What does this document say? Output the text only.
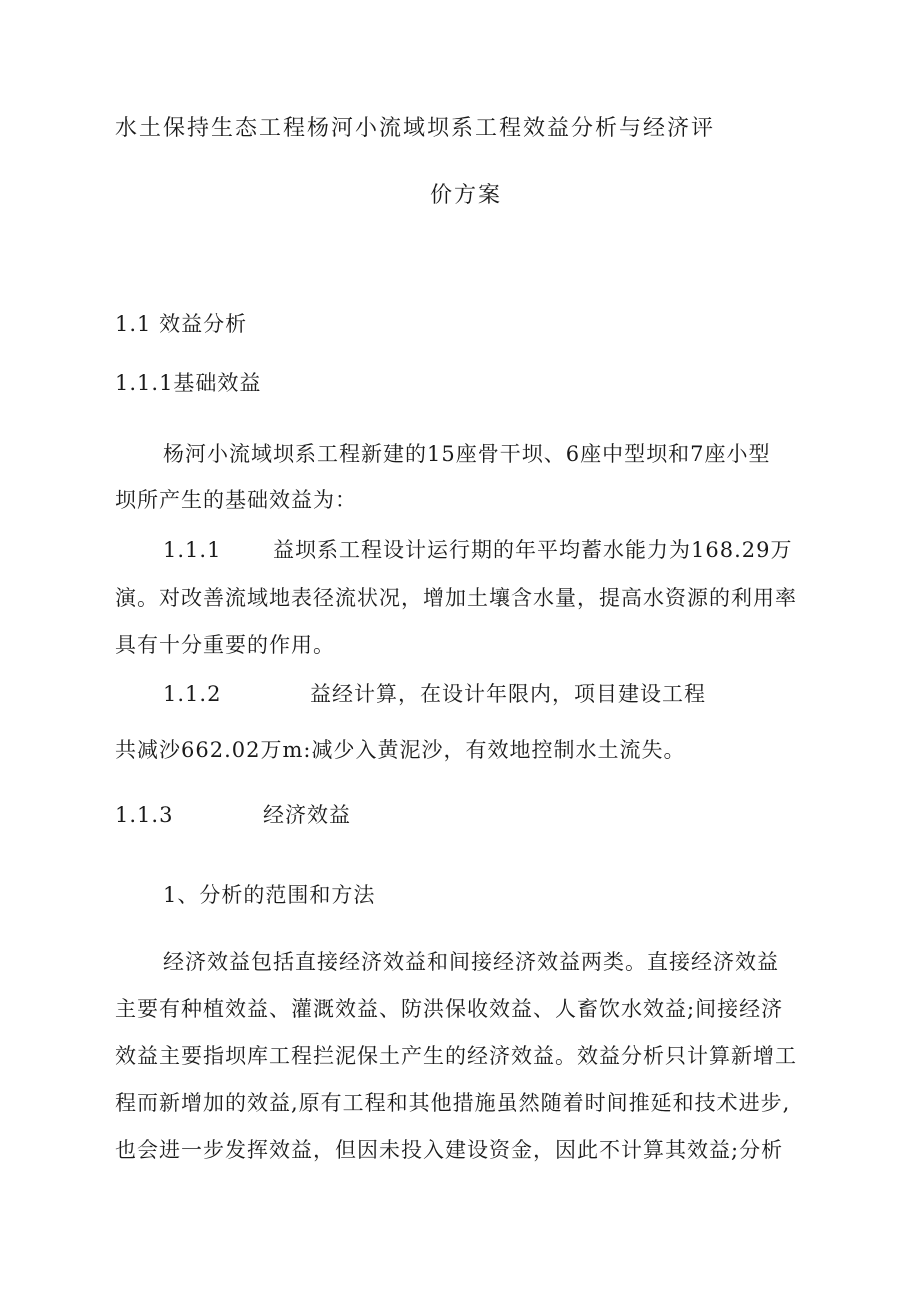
水土保持生态工程杨河小流域坝系工程效益分析与经济评
价方案
1.1 效益分析
1.1.1基础效益
杨河小流域坝系工程新建的15座骨干坝、6座中型坝和7座小型
坝所产生的基础效益为：
1.1.1 益坝系工程设计运行期的年平均蓄水能力为168.29万
演。对改善流域地表径流状况，增加土壤含水量，提高水资源的利用率
具有十分重要的作用。
1.1.2	益经计算，在设计年限内，项目建设工程
共减沙662.02万m:减少入黄泥沙，有效地控制水土流失。
1.1.3	经济效益
1、分析的范围和方法
经济效益包括直接经济效益和间接经济效益两类。直接经济效益
主要有种植效益、灌溉效益、防洪保收效益、人畜饮水效益;间接经济
效益主要指坝库工程拦泥保土产生的经济效益。效益分析只计算新增工
程而新增加的效益,原有工程和其他措施虽然随着时间推延和技术进步,
也会进一步发挥效益，但因未投入建设资金，因此不计算其效益;分析
